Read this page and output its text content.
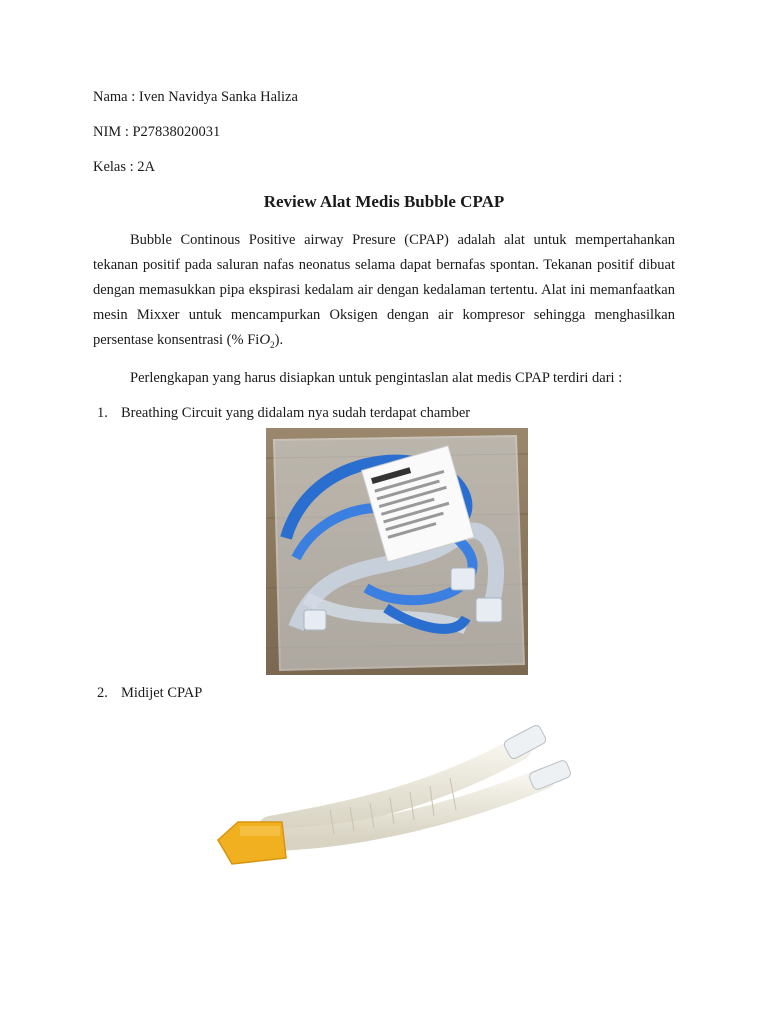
Nama : Iven Navidya Sanka Haliza
NIM : P27838020031
Kelas : 2A
Review Alat Medis Bubble CPAP
Bubble Continous Positive airway Presure (CPAP) adalah alat untuk mempertahankan tekanan positif pada saluran nafas neonatus selama dapat bernafas spontan. Tekanan positif dibuat dengan memasukkan pipa ekspirasi kedalam air dengan kedalaman tertentu. Alat ini memanfaatkan mesin Mixxer untuk mencampurkan Oksigen dengan air kompresor sehingga menghasilkan persentase konsentrasi (% FiO$_2$).
Perlengkapan yang harus disiapkan untuk pengintaslan alat medis CPAP terdiri dari :
1. Breathing Circuit yang didalam nya sudah terdapat chamber
2. Midijet CPAP
